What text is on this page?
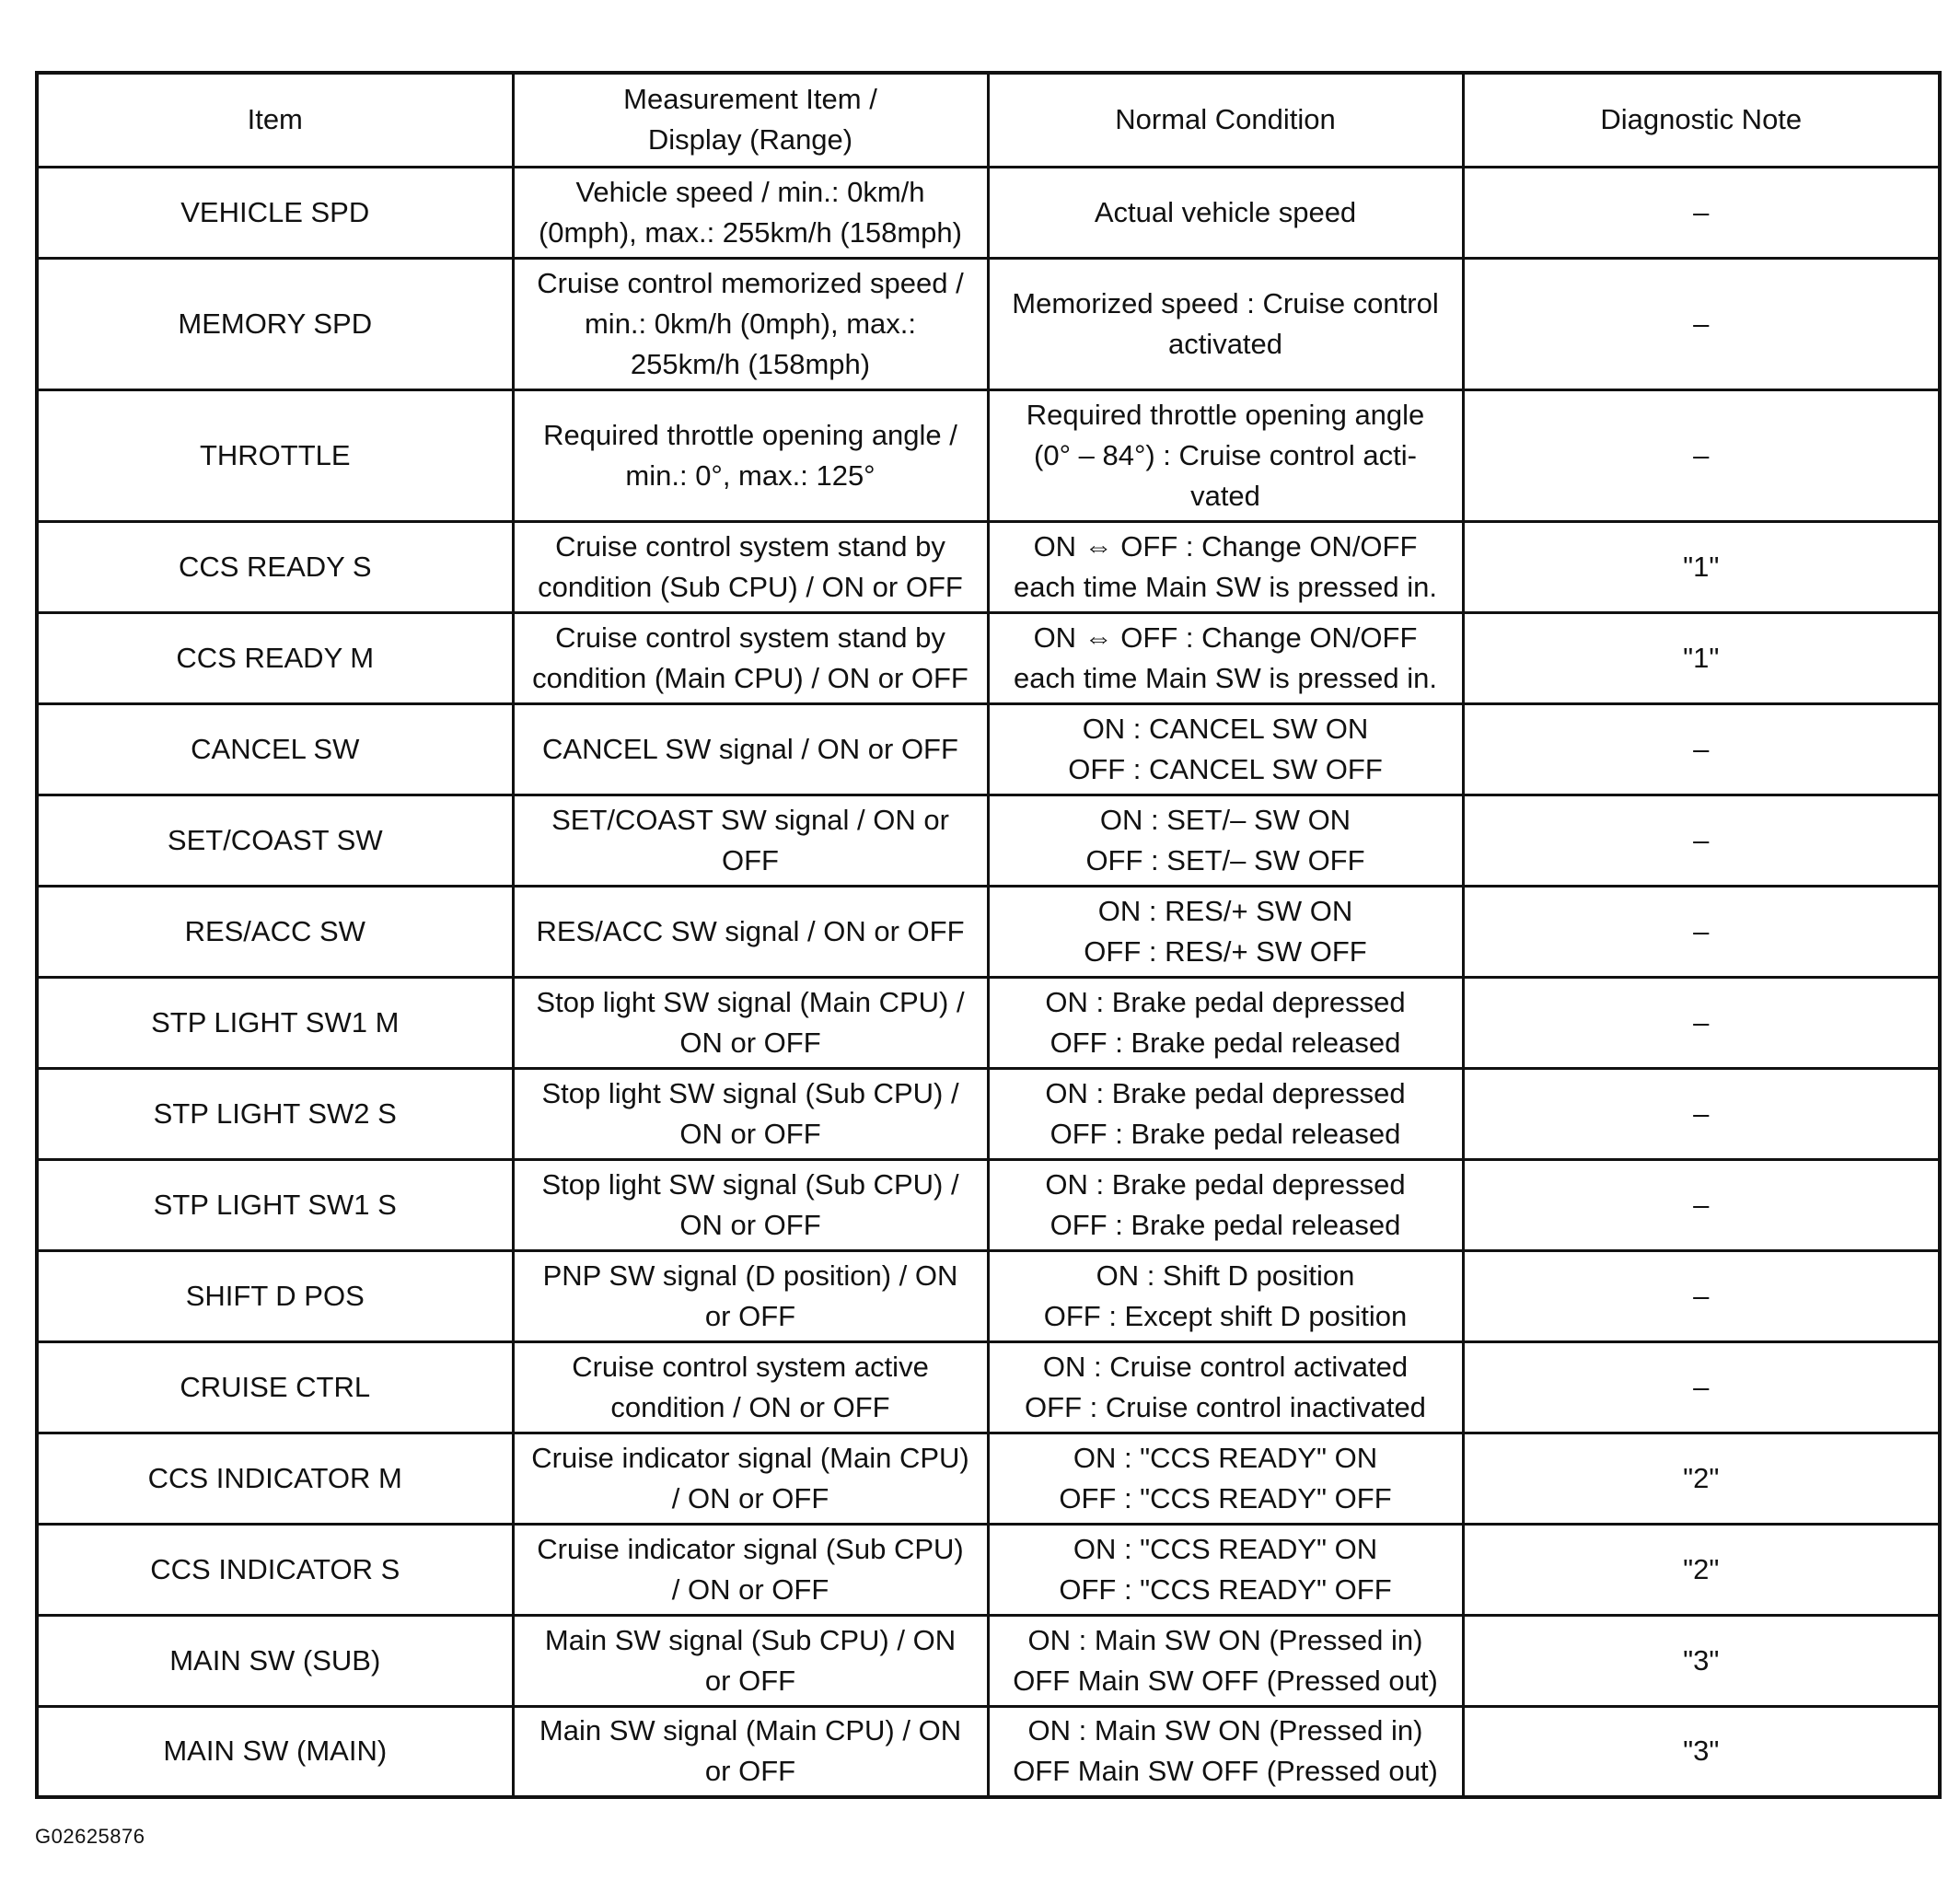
Item	Measurement Item /
Display (Range)	Normal Condition	Diagnostic Note

VEHICLE SPD	Vehicle speed / min.: 0km/h
(0mph), max.: 255km/h (158mph)	Actual vehicle speed	–

MEMORY SPD	Cruise control memorized speed /
min.: 0km/h (0mph), max.:
255km/h (158mph)	Memorized speed : Cruise control
activated	–

THROTTLE	Required throttle opening angle /
min.: 0°, max.: 125°	Required throttle opening angle
(0° – 84°) : Cruise control acti-
vated	–

CCS READY S	Cruise control system stand by
condition (Sub CPU) / ON or OFF	ON ⇔ OFF : Change ON/OFF
each time Main SW is pressed in.	"1"

CCS READY M	Cruise control system stand by
condition (Main CPU) / ON or OFF	ON ⇔ OFF : Change ON/OFF
each time Main SW is pressed in.	"1"

CANCEL SW	CANCEL SW signal / ON or OFF	ON : CANCEL SW ON
OFF : CANCEL SW OFF	–

SET/COAST SW	SET/COAST SW signal / ON or
OFF	ON : SET/– SW ON
OFF : SET/– SW OFF	–

RES/ACC SW	RES/ACC SW signal / ON or OFF	ON : RES/+ SW ON
OFF : RES/+ SW OFF	–

STP LIGHT SW1 M	Stop light SW signal (Main CPU) /
ON or OFF	ON : Brake pedal depressed
OFF : Brake pedal released	–

STP LIGHT SW2 S	Stop light SW signal (Sub CPU) /
ON or OFF	ON : Brake pedal depressed
OFF : Brake pedal released	–

STP LIGHT SW1 S	Stop light SW signal (Sub CPU) /
ON or OFF	ON : Brake pedal depressed
OFF : Brake pedal released	–

SHIFT D POS	PNP SW signal (D position) / ON
or OFF	ON : Shift D position
OFF : Except shift D position	–

CRUISE CTRL	Cruise control system active
condition / ON or OFF	ON : Cruise control activated
OFF : Cruise control inactivated	–

CCS INDICATOR M	Cruise indicator signal (Main CPU)
/ ON or OFF	ON : "CCS READY" ON
OFF : "CCS READY" OFF	"2"

CCS INDICATOR S	Cruise indicator signal (Sub CPU)
/ ON or OFF	ON : "CCS READY" ON
OFF : "CCS READY" OFF	"2"

MAIN SW (SUB)	Main SW signal (Sub CPU) / ON
or OFF	ON : Main SW ON (Pressed in)
OFF Main SW OFF (Pressed out)	"3"

MAIN SW (MAIN)	Main SW signal (Main CPU) / ON
or OFF	ON : Main SW ON (Pressed in)
OFF Main SW OFF (Pressed out)	"3"
G02625876
